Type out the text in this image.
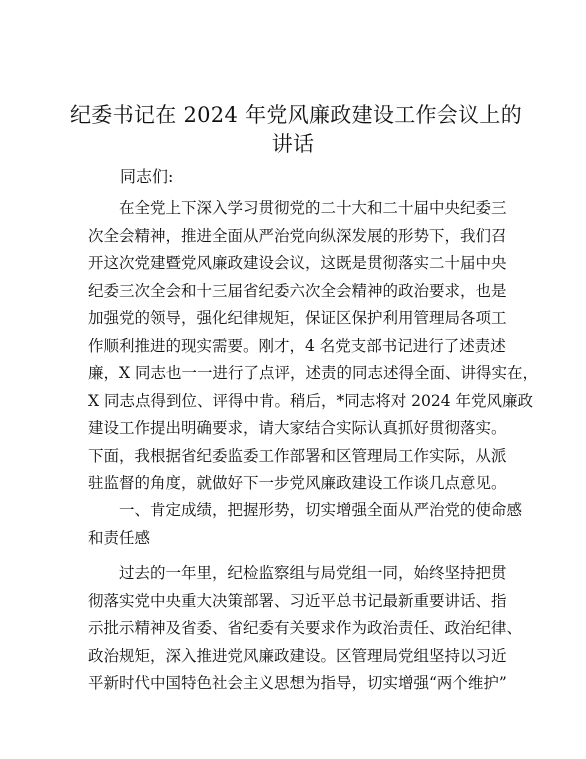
纪委书记在 2024 年党风廉政建设工作会议上的
讲话
同志们:
在全党上下深入学习贯彻党的二十大和二十届中央纪委三
次全会精神，推进全面从严治党向纵深发展的形势下，我们召
开这次党建暨党风廉政建设会议，这既是贯彻落实二十届中央
纪委三次全会和十三届省纪委六次全会精神的政治要求，也是
加强党的领导，强化纪律规矩，保证区保护利用管理局各项工
作顺利推进的现实需要。刚才，4 名党支部书记进行了述责述
廉，X 同志也一一进行了点评，述责的同志述得全面、讲得实在，
X 同志点得到位、评得中肯。稍后，*同志将对 2024 年党风廉政
建设工作提出明确要求，请大家结合实际认真抓好贯彻落实。
下面，我根据省纪委监委工作部署和区管理局工作实际，从派
驻监督的角度，就做好下一步党风廉政建设工作谈几点意见。
一、肯定成绩，把握形势，切实增强全面从严治党的使命感
和责任感
过去的一年里，纪检监察组与局党组一同，始终坚持把贯
彻落实党中央重大决策部署、习近平总书记最新重要讲话、指
示批示精神及省委、省纪委有关要求作为政治责任、政治纪律、
政治规矩，深入推进党风廉政建设。区管理局党组坚持以习近
平新时代中国特色社会主义思想为指导，切实增强“两个维护”
